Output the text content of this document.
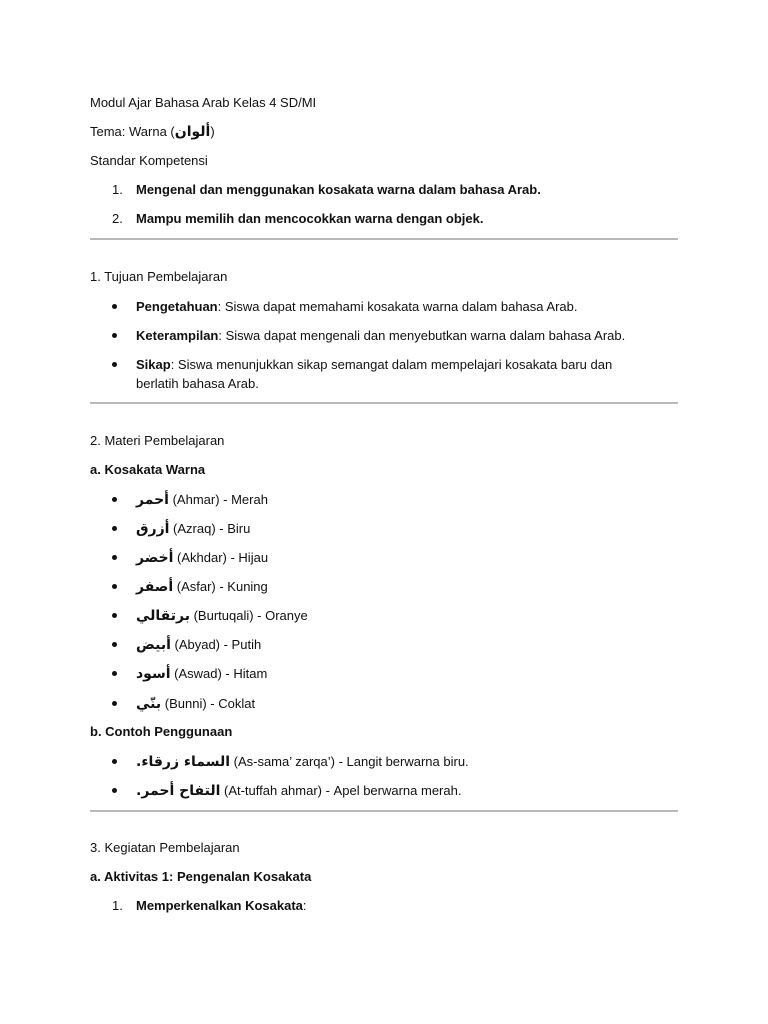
Modul Ajar Bahasa Arab Kelas 4 SD/MI
Tema: Warna (ألوان)
Standar Kompetensi
1. Mengenal dan menggunakan kosakata warna dalam bahasa Arab.
2. Mampu memilih dan mencocokkan warna dengan objek.
1. Tujuan Pembelajaran
Pengetahuan: Siswa dapat memahami kosakata warna dalam bahasa Arab.
Keterampilan: Siswa dapat mengenali dan menyebutkan warna dalam bahasa Arab.
Sikap: Siswa menunjukkan sikap semangat dalam mempelajari kosakata baru dan berlatih bahasa Arab.
2. Materi Pembelajaran
a. Kosakata Warna
أحمر (Ahmar) - Merah
أزرق (Azraq) - Biru
أخضر (Akhdar) - Hijau
أصفر (Asfar) - Kuning
برتقالي (Burtuqali) - Oranye
أبيض (Abyad) - Putih
أسود (Aswad) - Hitam
بنّي (Bunni) - Coklat
b. Contoh Penggunaan
السماء زرقاء. (As-sama’ zarqa’) - Langit berwarna biru.
التفاح أحمر. (At-tuffah ahmar) - Apel berwarna merah.
3. Kegiatan Pembelajaran
a. Aktivitas 1: Pengenalan Kosakata
1. Memperkenalkan Kosakata:
